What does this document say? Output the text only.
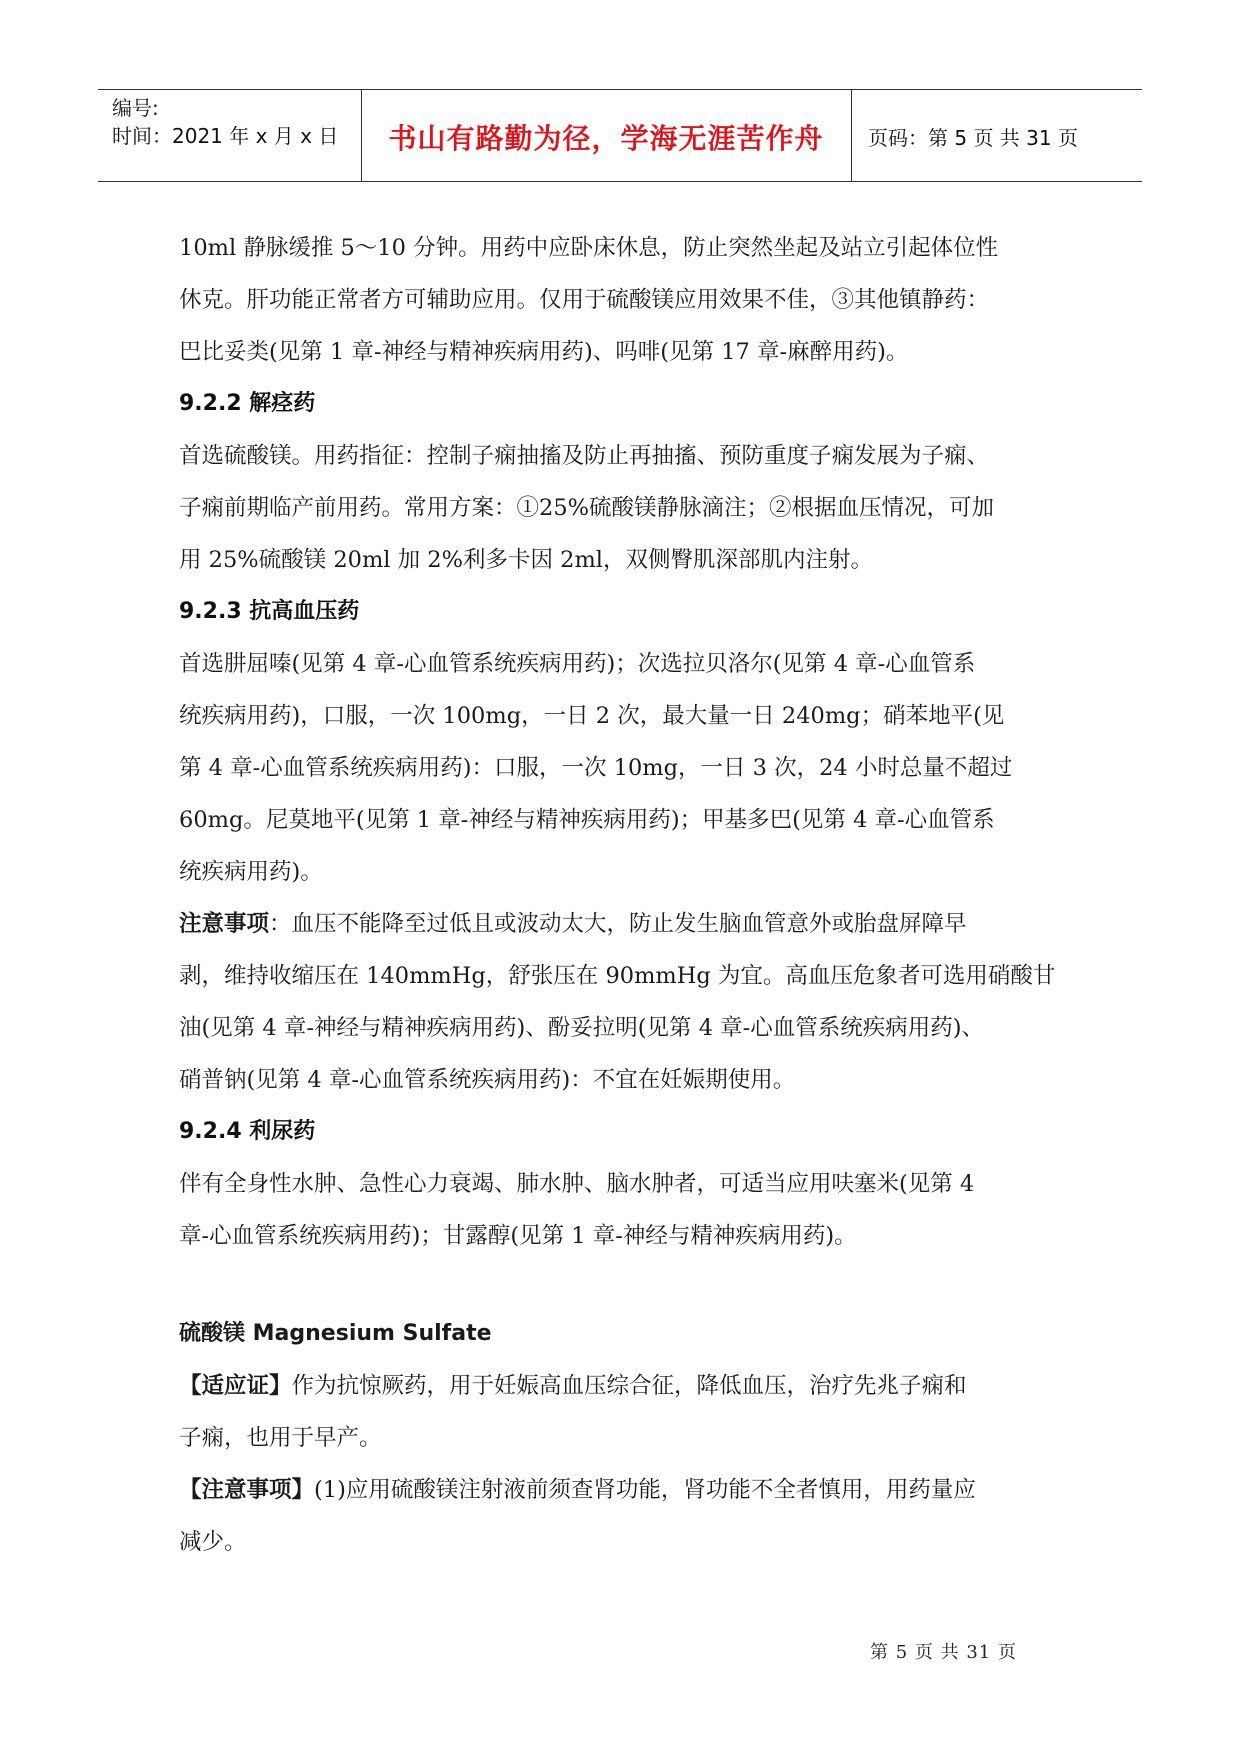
编号:
时间：2021 年 x 月 x 日	书山有路勤为径，学海无涯苦作舟	页码：第 5 页 共 31 页

10ml 静脉缓推 5～10 分钟。用药中应卧床休息，防止突然坐起及站立引起体位性
休克。肝功能正常者方可辅助应用。仅用于硫酸镁应用效果不佳，③其他镇静药：
巴比妥类(见第 1 章-神经与精神疾病用药)、吗啡(见第 17 章-麻醉用药)。

9.2.2 解痉药

首选硫酸镁。用药指征：控制子痫抽搐及防止再抽搐、预防重度子痫发展为子痫、
子痫前期临产前用药。常用方案：①25%硫酸镁静脉滴注；②根据血压情况，可加
用 25%硫酸镁 20ml 加 2%利多卡因 2ml，双侧臀肌深部肌内注射。

9.2.3 抗高血压药

首选肼屈嗪(见第 4 章-心血管系统疾病用药)；次选拉贝洛尔(见第 4 章-心血管系
统疾病用药)，口服，一次 100mg，一日 2 次，最大量一日 240mg；硝苯地平(见
第 4 章-心血管系统疾病用药)：口服，一次 10mg，一日 3 次，24 小时总量不超过
60mg。尼莫地平(见第 1 章-神经与精神疾病用药)；甲基多巴(见第 4 章-心血管系
统疾病用药)。

注意事项：血压不能降至过低且或波动太大，防止发生脑血管意外或胎盘屏障早
剥，维持收缩压在 140mmHg，舒张压在 90mmHg 为宜。高血压危象者可选用硝酸甘
油(见第 4 章-神经与精神疾病用药)、酚妥拉明(见第 4 章-心血管系统疾病用药)、
硝普钠(见第 4 章-心血管系统疾病用药)：不宜在妊娠期使用。

9.2.4 利尿药

伴有全身性水肿、急性心力衰竭、肺水肿、脑水肿者，可适当应用呋塞米(见第 4
章-心血管系统疾病用药)；甘露醇(见第 1 章-神经与精神疾病用药)。

硫酸镁 Magnesium Sulfate

【适应证】作为抗惊厥药，用于妊娠高血压综合征，降低血压，治疗先兆子痫和
子痫，也用于早产。

【注意事项】(1)应用硫酸镁注射液前须查肾功能，肾功能不全者慎用，用药量应
减少。

第 5 页 共 31 页
